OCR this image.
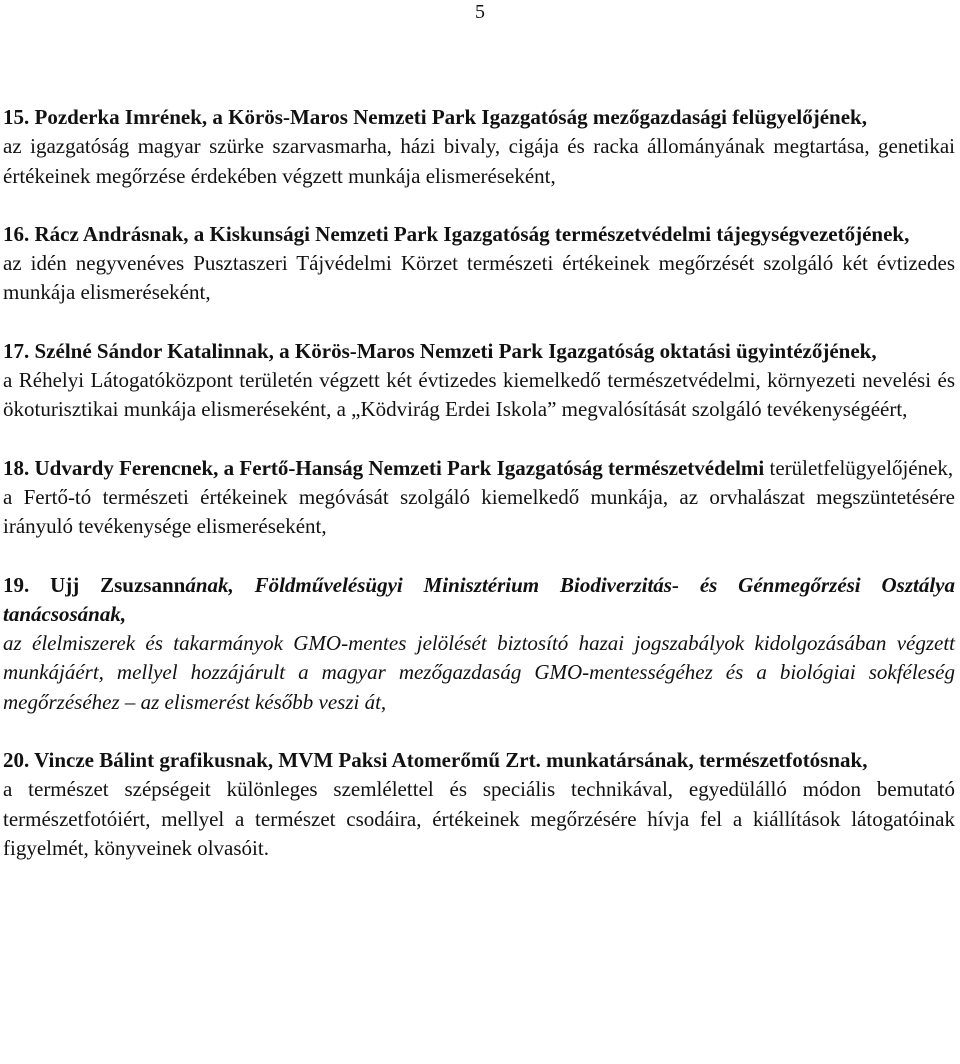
5

15. Pozderka Imrének, a Körös-Maros Nemzeti Park Igazgatóság mezőgazdasági felügyelőjének,

az igazgatóság magyar szürke szarvasmarha, házi bivaly, cigája és racka állományának megtartása, genetikai értékeinek megőrzése érdekében végzett munkája elismeréseként,

16. Rácz Andrásnak, a Kiskunsági Nemzeti Park Igazgatóság természetvédelmi tájegységvezetőjének,

az idén negyvenéves Pusztaszeri Tájvédelmi Körzet természeti értékeinek megőrzését szolgáló két évtizedes munkája elismeréseként,

17. Szélné Sándor Katalinnak, a Körös-Maros Nemzeti Park Igazgatóság oktatási ügyintézőjének,

a Réhelyi Látogatóközpont területén végzett két évtizedes kiemelkedő természetvédelmi, környezeti nevelési és ökoturisztikai munkája elismeréseként, a „Ködvirág Erdei Iskola” megvalósítását szolgáló tevékenységéért,

18. Udvardy Ferencnek, a Fertő-Hanság Nemzeti Park Igazgatóság természetvédelmi területfelügyelőjének,

a Fertő-tó természeti értékeinek megóvását szolgáló kiemelkedő munkája, az orvhalászat megszüntetésére irányuló tevékenysége elismeréseként,

19. Ujj Zsuzsannának, Földművelésügyi Minisztérium Biodiverzitás- és Génmegőrzési Osztálya tanácsosának,

az élelmiszerek és takarmányok GMO-mentes jelölését biztosító hazai jogszabályok kidolgozásában végzett munkájáért, mellyel hozzájárult a magyar mezőgazdaság GMO-mentességéhez és a biológiai sokféleség megőrzéséhez – az elismerést később veszi át,

20. Vincze Bálint grafikusnak, MVM Paksi Atomerőmű Zrt. munkatársának, természetfotósnak,

a természet szépségeit különleges szemlélettel és speciális technikával, egyedülálló módon bemutató természetfotóiért, mellyel a természet csodáira, értékeinek megőrzésére hívja fel a kiállítások látogatóinak figyelmét, könyveinek olvasóit.
